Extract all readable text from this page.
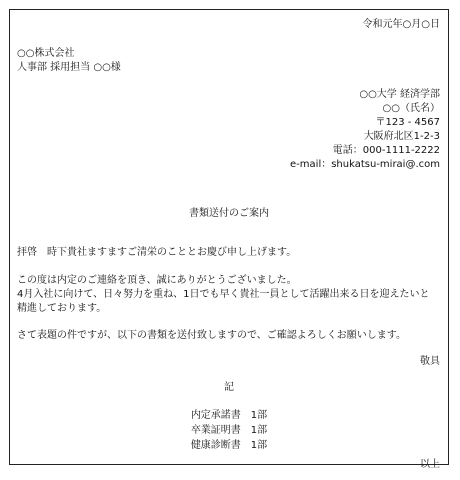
令和元年○月○日
○○株式会社
人事部 採用担当 ○○様
○○大学 経済学部
○○（氏名）
〒123 - 4567
大阪府北区1-2-3
電話：000-1111-2222
e-mail：shukatsu-mirai@.com
書類送付のご案内
拝啓　時下貴社ますますご清栄のこととお慶び申し上げます。
この度は内定のご連絡を頂き、誠にありがとうございました。
4月入社に向けて、日々努力を重ね、1日でも早く貴社一員として活躍出来る日を迎えたいと精進しております。
さて表題の件ですが、以下の書類を送付致しますので、ご確認よろしくお願いします。
敬具
記
内定承諾書　1部
卒業証明書　1部
健康診断書　1部
以上
